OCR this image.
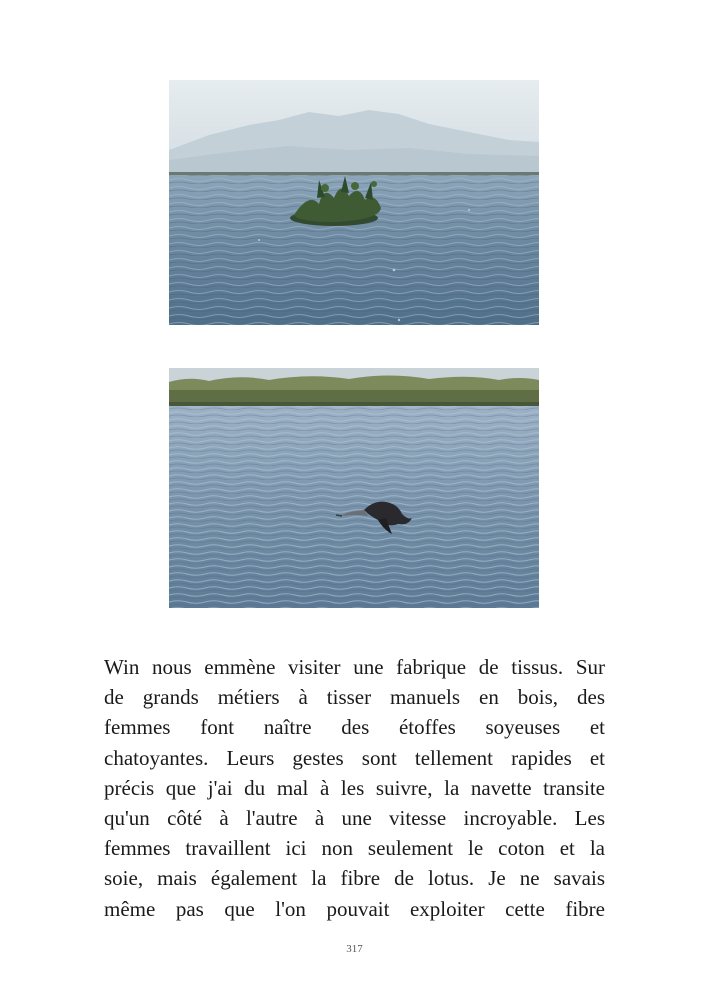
Win nous emmène visiter une fabrique de tissus. Sur
de grands métiers à tisser manuels en bois, des
femmes font naître des étoffes soyeuses et
chatoyantes. Leurs gestes sont tellement rapides et
précis que j'ai du mal à les suivre, la navette transite
qu'un côté à l'autre à une vitesse incroyable. Les
femmes travaillent ici non seulement le coton et la
soie, mais également la fibre de lotus. Je ne savais
même pas que l'on pouvait exploiter cette fibre
317
